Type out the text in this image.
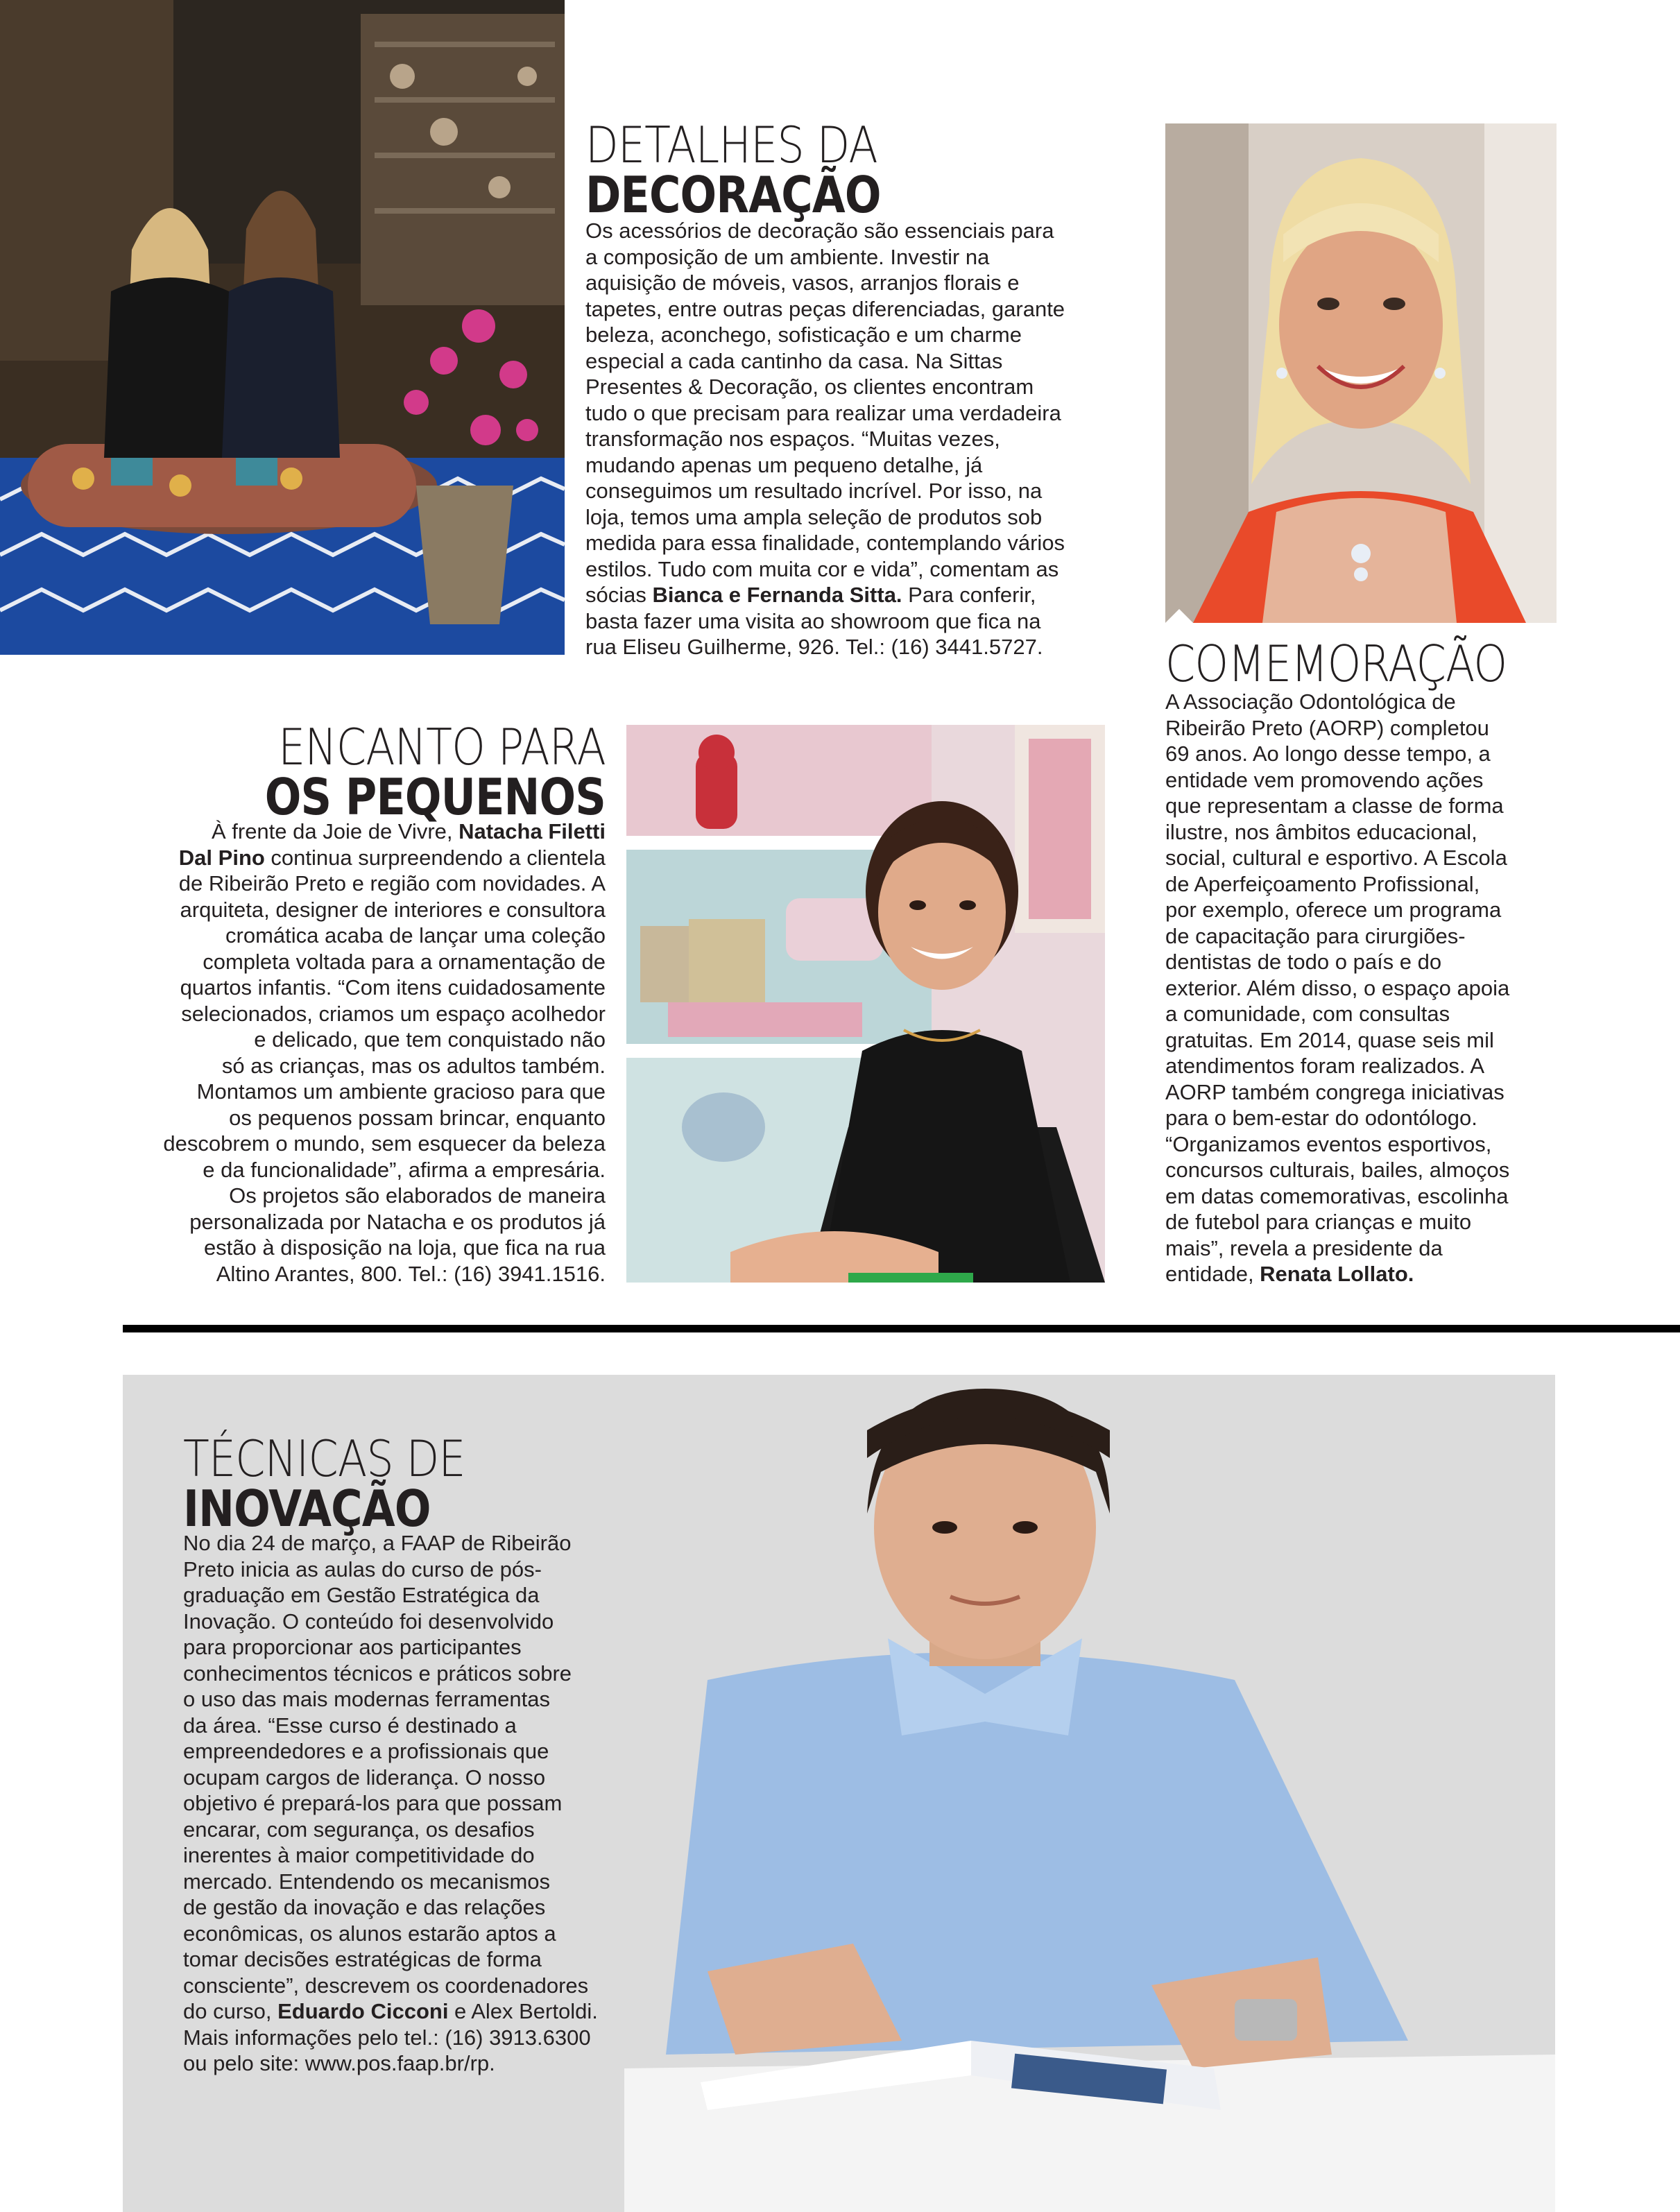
DETALHES DA
DECORAÇÃO

Os acessórios de decoração são essenciais para
a composição de um ambiente. Investir na
aquisição de móveis, vasos, arranjos florais e
tapetes, entre outras peças diferenciadas, garante
beleza, aconchego, sofisticação e um charme
especial a cada cantinho da casa. Na Sittas
Presentes & Decoração, os clientes encontram
tudo o que precisam para realizar uma verdadeira
transformação nos espaços. “Muitas vezes,
mudando apenas um pequeno detalhe, já
conseguimos um resultado incrível. Por isso, na
loja, temos uma ampla seleção de produtos sob
medida para essa finalidade, contemplando vários
estilos. Tudo com muita cor e vida”, comentam as
sócias Bianca e Fernanda Sitta. Para conferir,
basta fazer uma visita ao showroom que fica na
rua Eliseu Guilherme, 926. Tel.: (16) 3441.5727.	COMEMORAÇÃO

A Associação Odontológica de
Ribeirão Preto (AORP) completou
69 anos. Ao longo desse tempo, a
entidade vem promovendo ações
que representam a classe de forma
ilustre, nos âmbitos educacional,
social, cultural e esportivo. A Escola
de Aperfeiçoamento Profissional,
por exemplo, oferece um programa
de capacitação para cirurgiões-
dentistas de todo o país e do
exterior. Além disso, o espaço apoia
a comunidade, com consultas
gratuitas. Em 2014, quase seis mil
atendimentos foram realizados. A
AORP também congrega iniciativas
para o bem-estar do odontólogo.
“Organizamos eventos esportivos,
concursos culturais, bailes, almoços
em datas comemorativas, escolinha
de futebol para crianças e muito
mais”, revela a presidente da
entidade, Renata Lollato.

ENCANTO PARA
OS PEQUENOS

À frente da Joie de Vivre, Natacha Filetti
Dal Pino continua surpreendendo a clientela
de Ribeirão Preto e região com novidades. A
arquiteta, designer de interiores e consultora
cromática acaba de lançar uma coleção
completa voltada para a ornamentação de
quartos infantis. “Com itens cuidadosamente
selecionados, criamos um espaço acolhedor
e delicado, que tem conquistado não
só as crianças, mas os adultos também.
Montamos um ambiente gracioso para que
os pequenos possam brincar, enquanto
descobrem o mundo, sem esquecer da beleza
e da funcionalidade”, afirma a empresária.
Os projetos são elaborados de maneira
personalizada por Natacha e os produtos já
estão à disposição na loja, que fica na rua
Altino Arantes, 800. Tel.: (16) 3941.1516.

TÉCNICAS DE
INOVAÇÃO

No dia 24 de março, a FAAP de Ribeirão
Preto inicia as aulas do curso de pós-
graduação em Gestão Estratégica da
Inovação. O conteúdo foi desenvolvido
para proporcionar aos participantes
conhecimentos técnicos e práticos sobre
o uso das mais modernas ferramentas
da área. “Esse curso é destinado a
empreendedores e a profissionais que
ocupam cargos de liderança. O nosso
objetivo é prepará-los para que possam
encarar, com segurança, os desafios
inerentes à maior competitividade do
mercado. Entendendo os mecanismos
de gestão da inovação e das relações
econômicas, os alunos estarão aptos a
tomar decisões estratégicas de forma
consciente”, descrevem os coordenadores
do curso, Eduardo Cicconi e Alex Bertoldi.
Mais informações pelo tel.: (16) 3913.6300
ou pelo site: www.pos.faap.br/rp.
